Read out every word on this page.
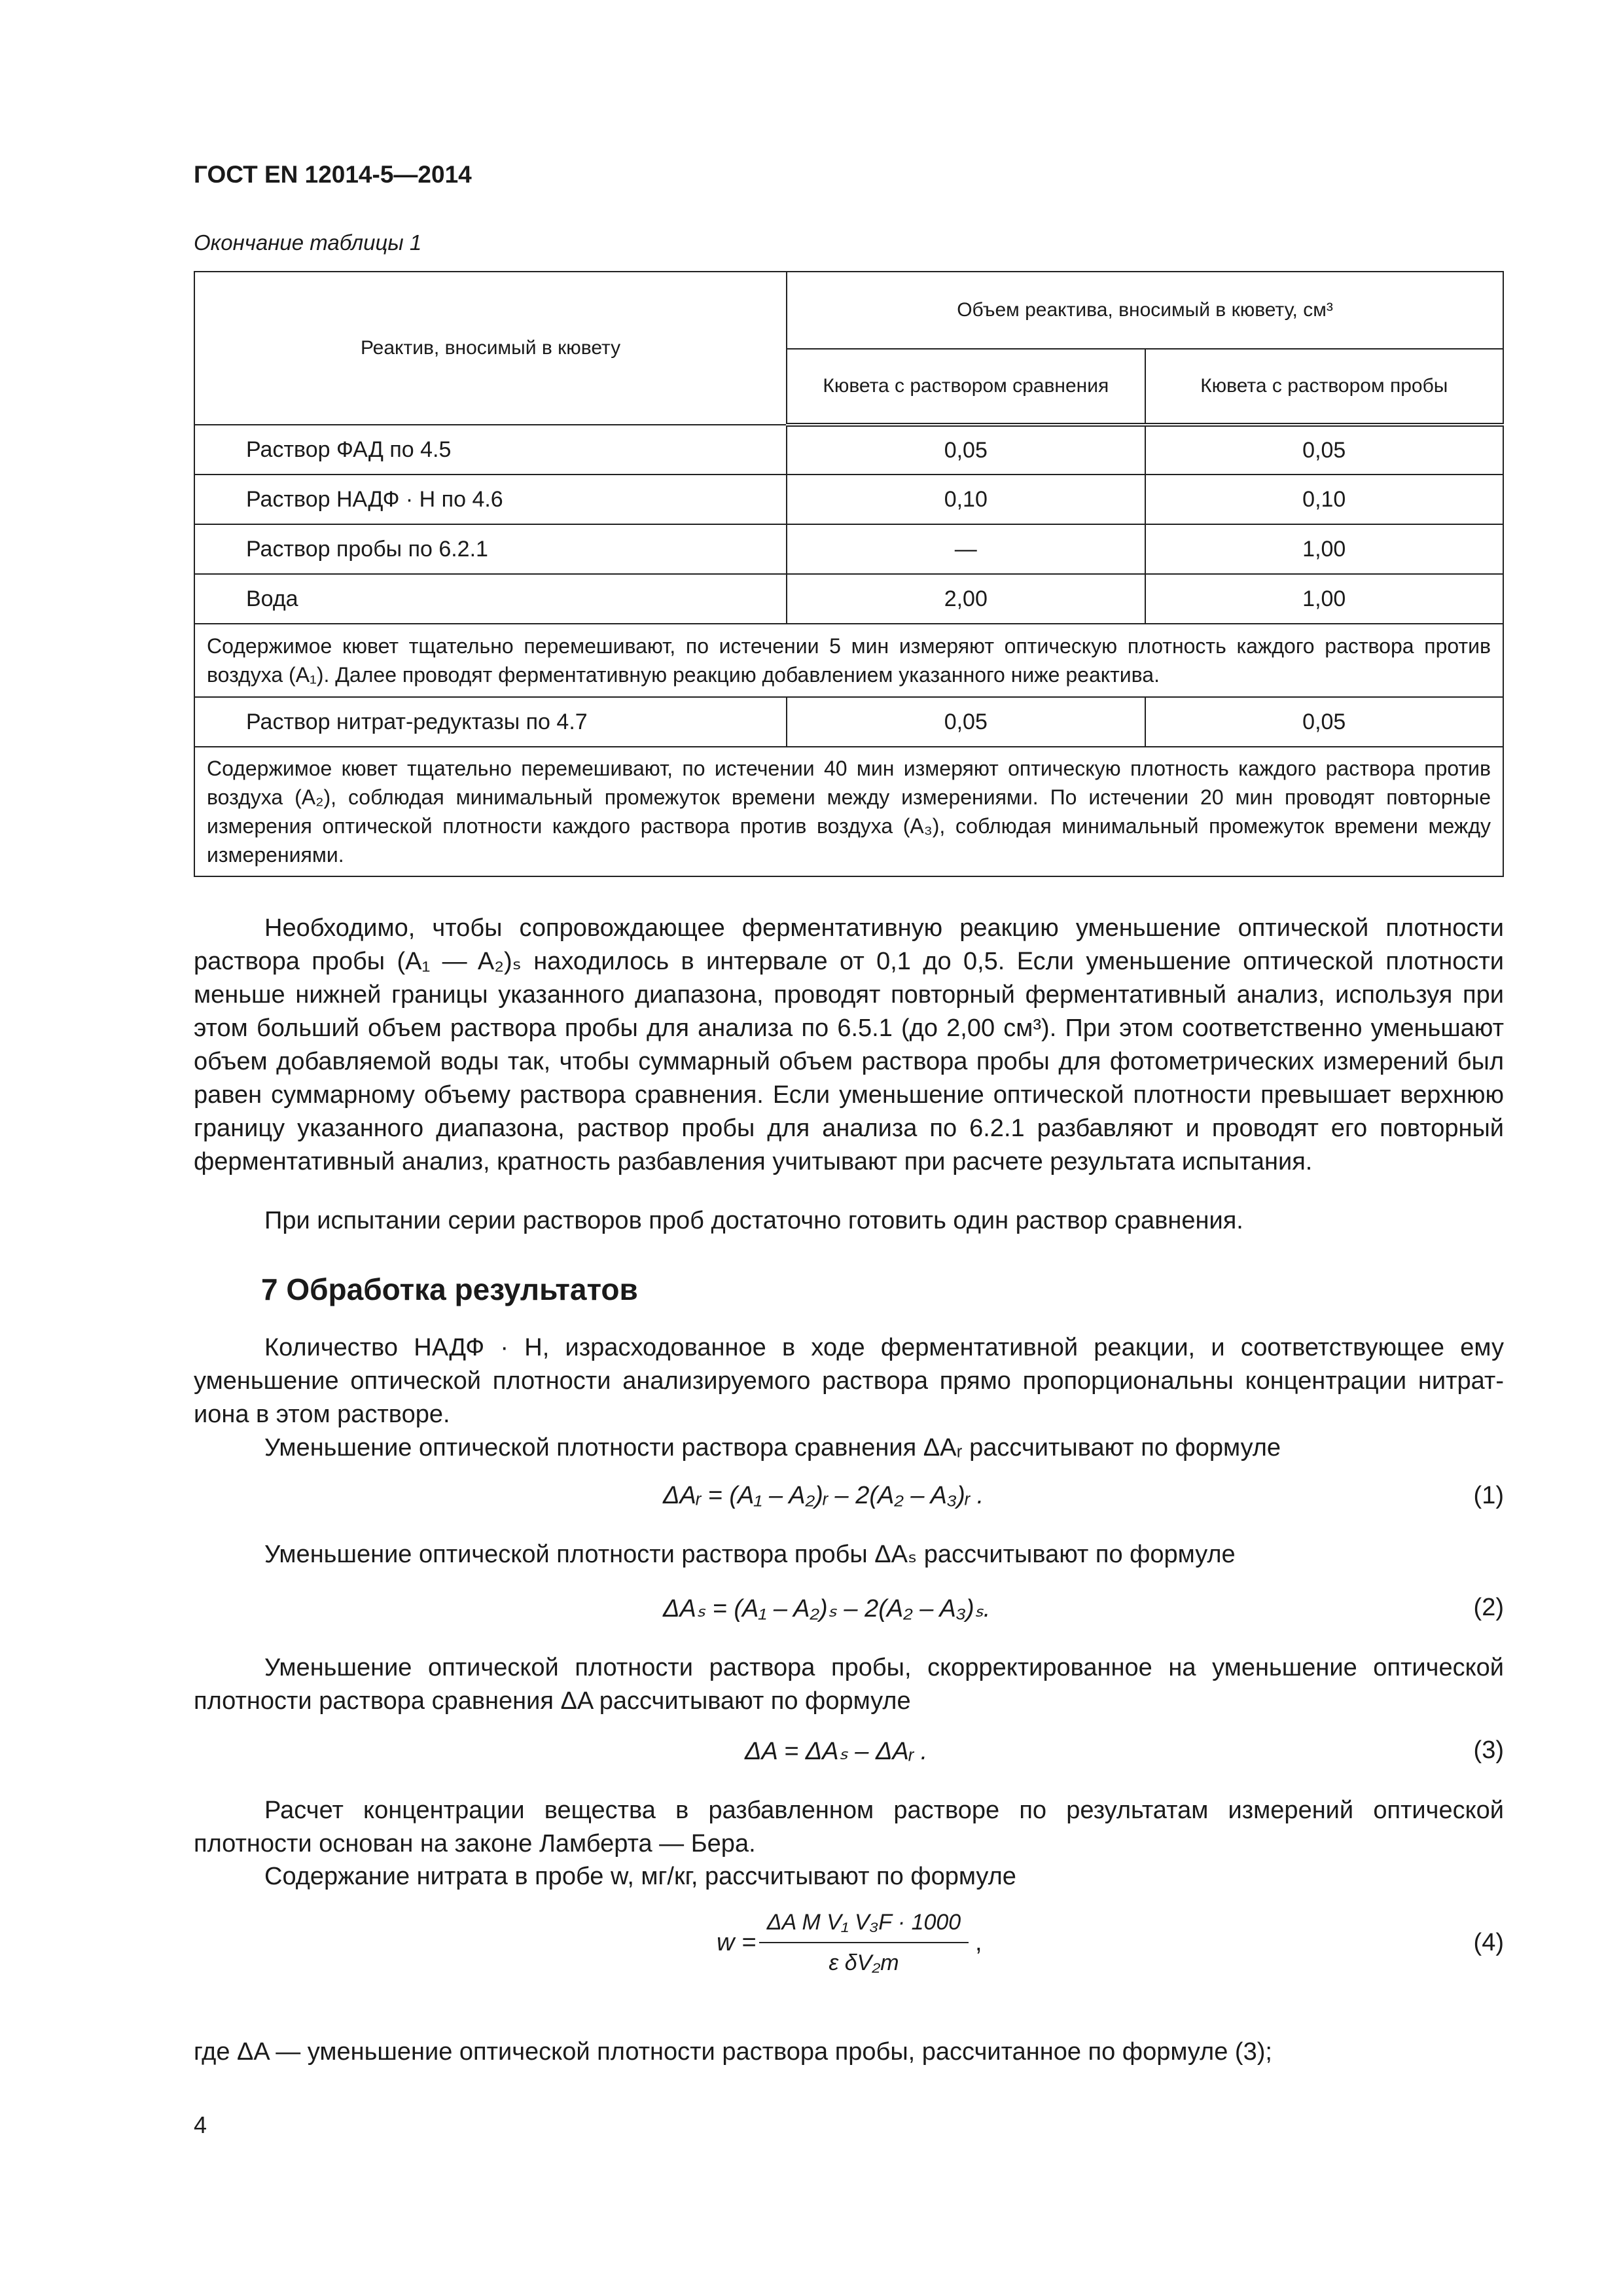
ГОСТ EN 12014-5—2014
Окончание таблицы 1
Реактив, вносимый в кювету	Объем реактива, вносимый в кювету, см³	
	Кювета с раствором сравнения	Кювета с раствором пробы
Раствор ФАД по 4.5	0,05	0,05
Раствор НАДФ · Н по 4.6	0,10	0,10
Раствор пробы по 6.2.1	—	1,00
Вода	2,00	1,00
Содержимое кювет тщательно перемешивают, по истечении 5 мин измеряют оптическую плотность каждого раствора против воздуха (A₁). Далее проводят ферментативную реакцию добавлением указанного ниже реактива.		
Раствор нитрат-редуктазы по 4.7	0,05	0,05
Содержимое кювет тщательно перемешивают, по истечении 40 мин измеряют оптическую плотность каждого раствора против воздуха (A₂), соблюдая минимальный промежуток времени между измерениями. По истечении 20 мин проводят повторные измерения оптической плотности каждого раствора против воздуха (A₃), соблюдая минимальный промежуток времени между измерениями.		
Необходимо, чтобы сопровождающее ферментативную реакцию уменьшение оптической плотности раствора пробы (A₁ — A₂)ₛ находилось в интервале от 0,1 до 0,5. Если уменьшение оптической плотности меньше нижней границы указанного диапазона, проводят повторный ферментативный анализ, используя при этом больший объем раствора пробы для анализа по 6.5.1 (до 2,00 см³). При этом соответственно уменьшают объем добавляемой воды так, чтобы суммарный объем раствора пробы для фотометрических измерений был равен суммарному объему раствора сравнения. Если уменьшение оптической плотности превышает верхнюю границу указанного диапазона, раствор пробы для анализа по 6.2.1 разбавляют и проводят его повторный ферментативный анализ, кратность разбавления учитывают при расчете результата испытания.
При испытании серии растворов проб достаточно готовить один раствор сравнения.
7 Обработка результатов
Количество НАДФ · Н, израсходованное в ходе ферментативной реакции, и соответствующее ему уменьшение оптической плотности анализируемого раствора прямо пропорциональны концентрации нитрат-иона в этом растворе.
Уменьшение оптической плотности раствора сравнения ΔAᵣ рассчитывают по формуле
ΔAᵣ = (A₁ – A₂)ᵣ – 2(A₂ – A₃)ᵣ .	(1)
Уменьшение оптической плотности раствора пробы ΔAₛ рассчитывают по формуле
ΔAₛ = (A₁ – A₂)ₛ – 2(A₂ – A₃)ₛ.	(2)
Уменьшение оптической плотности раствора пробы, скорректированное на уменьшение оптической плотности раствора сравнения ΔA рассчитывают по формуле
ΔA = ΔAₛ – ΔAᵣ .	(3)
Расчет концентрации вещества в разбавленном растворе по результатам измерений оптической плотности основан на законе Ламберта — Бера.
Содержание нитрата в пробе w, мг/кг, рассчитывают по формуле
w =
ΔA M V₁ V₃F · 1000
ε δV₂m
,	(4)
где ΔA — уменьшение оптической плотности раствора пробы, рассчитанное по формуле (3);
4
